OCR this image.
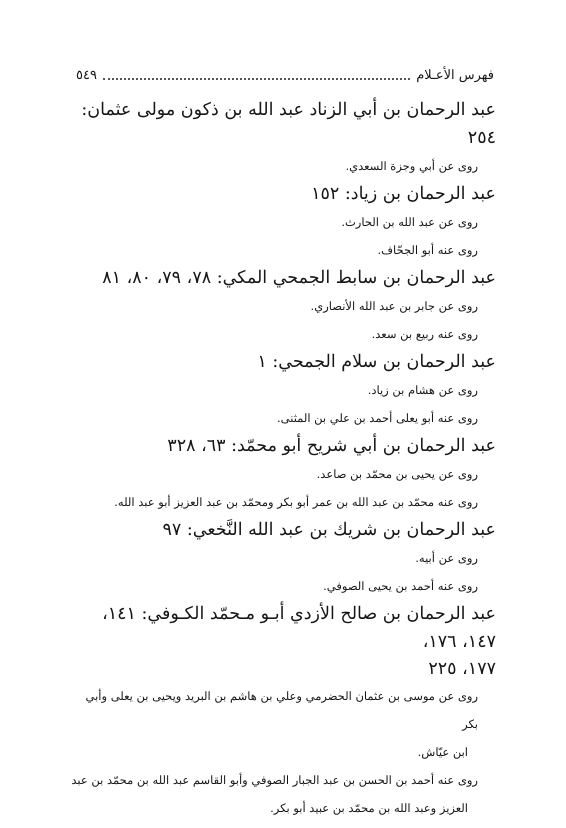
فهرس الأعـلام
٥٤٩

عبد الرحمان بن أبي الزناد عبد الله بن ذكون مولى عثمان: ٢٥٤

روى عن أبي وجزة السعدي.

عبد الرحمان بن زياد: ١٥٢

روى عن عبد الله بن الحارث.

روى عنه أبو الجحّاف.

عبد الرحمان بن سابط الجمحي المكي: ٧٨، ٧٩، ٨٠، ٨١

روى عن جابر بن عبد الله الأنصاري.

روى عنه ربيع بن سعد.

عبد الرحمان بن سلام الجمحي: ١

روى عن هشام بن زياد.

روى عنه أبو يعلى أحمد بن علي بن المثنى.

عبد الرحمان بن أبي شريح أبو محمّد: ٦٣، ٣٢٨

روى عن يحيى بن محمّد بن صاعد.

روى عنه محمّد بن عبد الله بن عمر أبو بكر ومحمّد بن عبد العزيز أبو عبد الله.

عبد الرحمان بن شريك بن عبد الله النَّخعي: ٩٧

روى عن أبيه.

روى عنه أحمد بن يحيى الصوفي.

عبد الرحمان بن صالح الأزدي أبـو مـحمّد الكـوفي: ١٤١، ١٤٧، ١٧٦،

١٧٧، ٢٢٥

روى عن موسى بن عثمان الحضرمي وعلي بن هاشم بن البريد ويحيى بن يعلى وأبي بكر

ابن عيّاش.

روى عنه أحمد بن الحسن بن عبد الجبار الصوفي وأبو القاسم عبد الله بن محمّد بن عبد

العزيز وعبد الله بن محمّد بن عبيد أبو بكر.
